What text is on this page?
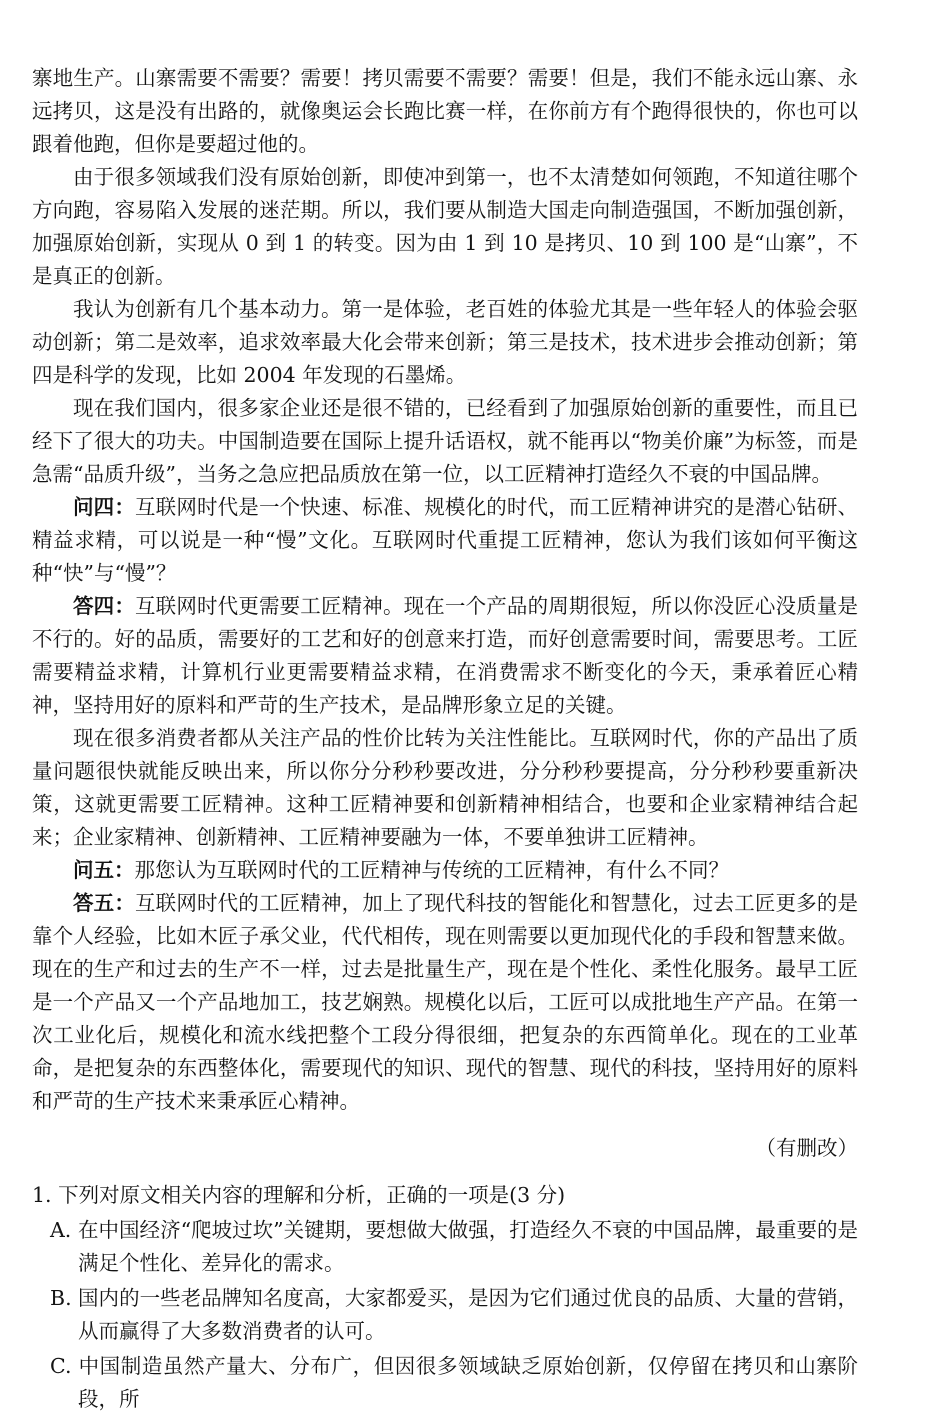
寨地生产。山寨需要不需要？需要！拷贝需要不需要？需要！但是，我们不能永远山寨、永远拷贝，这是没有出路的，就像奥运会长跑比赛一样，在你前方有个跑得很快的，你也可以跟着他跑，但你是要超过他的。

由于很多领域我们没有原始创新，即使冲到第一，也不太清楚如何领跑，不知道往哪个方向跑，容易陷入发展的迷茫期。所以，我们要从制造大国走向制造强国，不断加强创新，加强原始创新，实现从 0 到 1 的转变。因为由 1 到 10 是拷贝、10 到 100 是“山寨”，不是真正的创新。

我认为创新有几个基本动力。第一是体验，老百姓的体验尤其是一些年轻人的体验会驱动创新；第二是效率，追求效率最大化会带来创新；第三是技术，技术进步会推动创新；第四是科学的发现，比如 2004 年发现的石墨烯。

现在我们国内，很多家企业还是很不错的，已经看到了加强原始创新的重要性，而且已经下了很大的功夫。中国制造要在国际上提升话语权，就不能再以“物美价廉”为标签，而是急需“品质升级”，当务之急应把品质放在第一位，以工匠精神打造经久不衰的中国品牌。

问四：互联网时代是一个快速、标准、规模化的时代，而工匠精神讲究的是潜心钻研、精益求精，可以说是一种“慢”文化。互联网时代重提工匠精神，您认为我们该如何平衡这种“快”与“慢”？

答四：互联网时代更需要工匠精神。现在一个产品的周期很短，所以你没匠心没质量是不行的。好的品质，需要好的工艺和好的创意来打造，而好创意需要时间，需要思考。工匠需要精益求精，计算机行业更需要精益求精，在消费需求不断变化的今天，秉承着匠心精神，坚持用好的原料和严苛的生产技术，是品牌形象立足的关键。

现在很多消费者都从关注产品的性价比转为关注性能比。互联网时代，你的产品出了质量问题很快就能反映出来，所以你分分秒秒要改进，分分秒秒要提高，分分秒秒要重新决策，这就更需要工匠精神。这种工匠精神要和创新精神相结合，也要和企业家精神结合起来；企业家精神、创新精神、工匠精神要融为一体，不要单独讲工匠精神。

问五：那您认为互联网时代的工匠精神与传统的工匠精神，有什么不同？

答五：互联网时代的工匠精神，加上了现代科技的智能化和智慧化，过去工匠更多的是靠个人经验，比如木匠子承父业，代代相传，现在则需要以更加现代化的手段和智慧来做。现在的生产和过去的生产不一样，过去是批量生产，现在是个性化、柔性化服务。最早工匠是一个产品又一个产品地加工，技艺娴熟。规模化以后，工匠可以成批地生产产品。在第一次工业化后，规模化和流水线把整个工段分得很细，把复杂的东西简单化。现在的工业革命，是把复杂的东西整体化，需要现代的知识、现代的智慧、现代的科技，坚持用好的原料和严苛的生产技术来秉承匠心精神。

（有删改）

1. 下列对原文相关内容的理解和分析，正确的一项是(3 分)

A. 在中国经济“爬坡过坎”关键期，要想做大做强，打造经久不衰的中国品牌，最重要的是满足个性化、差异化的需求。

B. 国内的一些老品牌知名度高，大家都爱买，是因为它们通过优良的品质、大量的营销，从而赢得了大多数消费者的认可。

C. 中国制造虽然产量大、分布广，但因很多领域缺乏原始创新，仅停留在拷贝和山寨阶段，所
